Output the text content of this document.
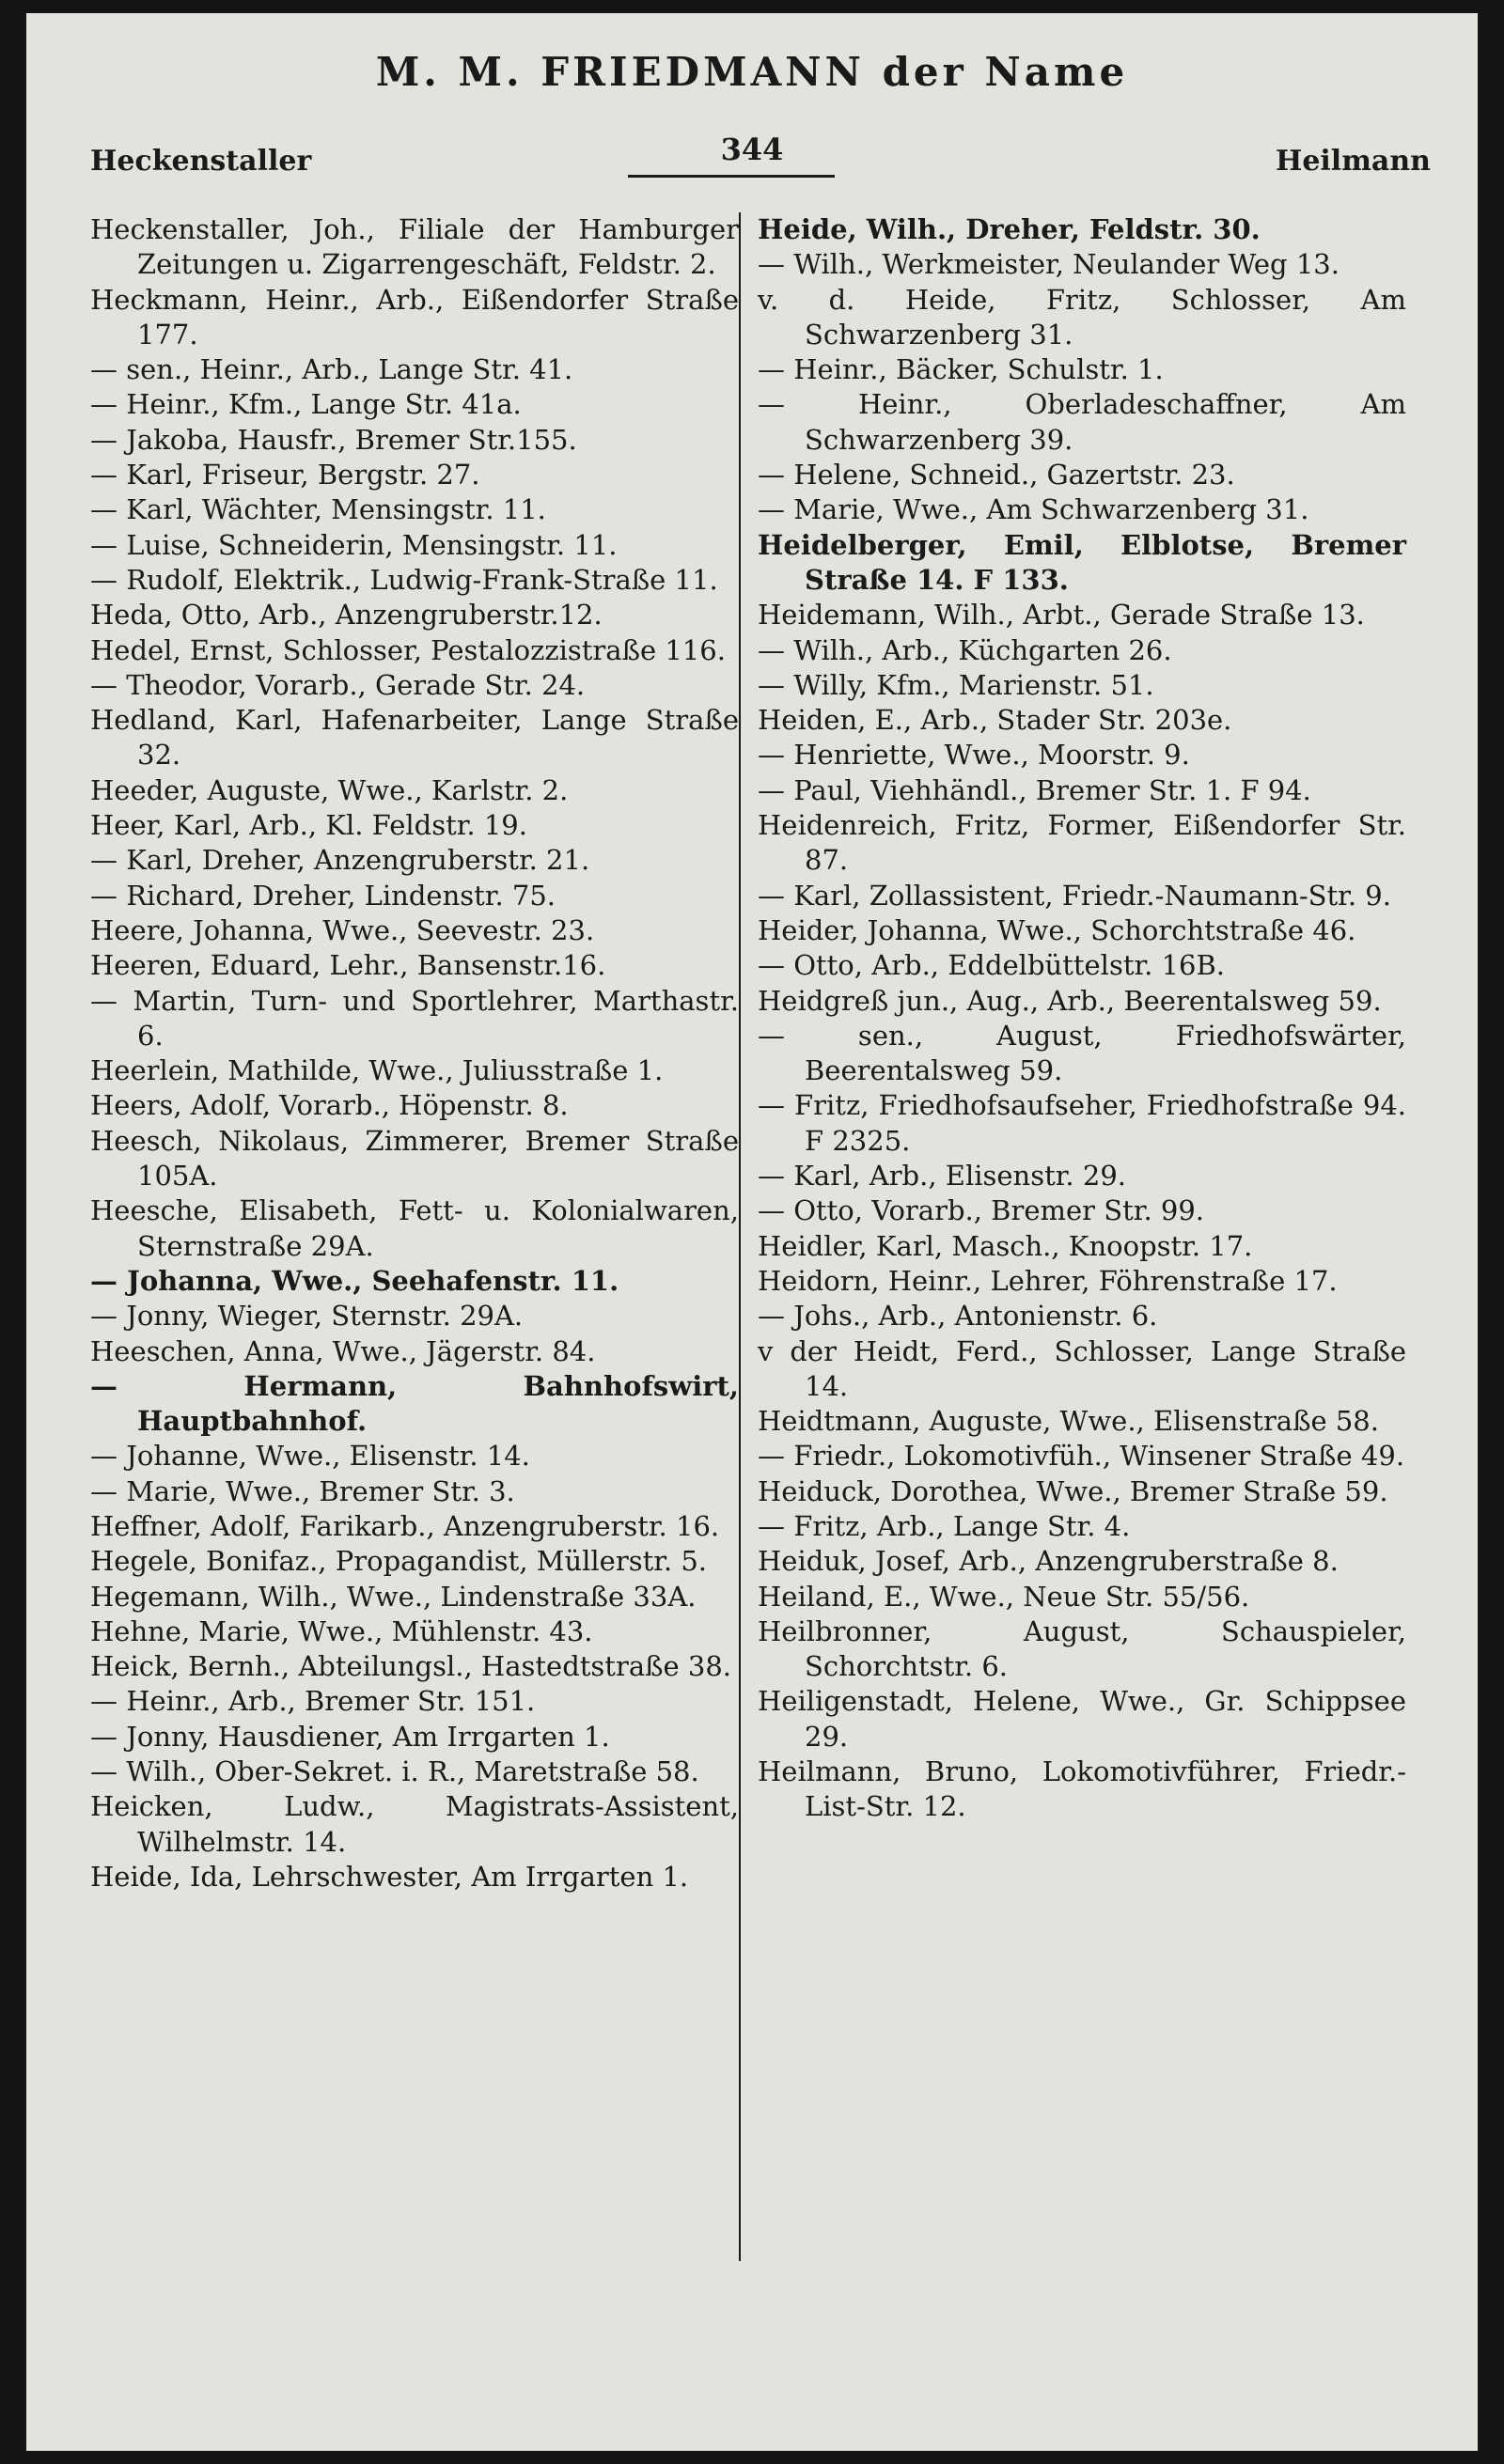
M. M. FRIEDMANN der Name
Heckenstaller	344	Heilmann

Heckenstaller, Joh., Filiale der Hamburger Zeitungen u. Zigarrengeschäft, Feldstr. 2.

Heckmann, Heinr., Arb., Eißendorfer Straße 177.

— sen., Heinr., Arb., Lange Str. 41.

— Heinr., Kfm., Lange Str. 41a.

— Jakoba, Hausfr., Bremer Str.155.

— Karl, Friseur, Bergstr. 27.

— Karl, Wächter, Mensingstr. 11.

— Luise, Schneiderin, Mensingstr. 11.

— Rudolf, Elektrik., Ludwig-Frank-Straße 11.

Heda, Otto, Arb., Anzengruberstr.12.

Hedel, Ernst, Schlosser, Pestalozzistraße 116.

— Theodor, Vorarb., Gerade Str. 24.

Hedland, Karl, Hafenarbeiter, Lange Straße 32.

Heeder, Auguste, Wwe., Karlstr. 2.

Heer, Karl, Arb., Kl. Feldstr. 19.

— Karl, Dreher, Anzengruberstr. 21.

— Richard, Dreher, Lindenstr. 75.

Heere, Johanna, Wwe., Seevestr. 23.

Heeren, Eduard, Lehr., Bansenstr.16.

— Martin, Turn- und Sportlehrer, Marthastr. 6.

Heerlein, Mathilde, Wwe., Juliusstraße 1.

Heers, Adolf, Vorarb., Höpenstr. 8.

Heesch, Nikolaus, Zimmerer, Bremer Straße 105A.

Heesche, Elisabeth, Fett- u. Kolonialwaren, Sternstraße 29A.

— Johanna, Wwe., Seehafenstr. 11.

— Jonny, Wieger, Sternstr. 29A.

Heeschen, Anna, Wwe., Jägerstr. 84.

— Hermann, Bahnhofswirt, Hauptbahnhof.

— Johanne, Wwe., Elisenstr. 14.

— Marie, Wwe., Bremer Str. 3.

Heffner, Adolf, Farikarb., Anzengruberstr. 16.

Hegele, Bonifaz., Propagandist, Müllerstr. 5.

Hegemann, Wilh., Wwe., Lindenstraße 33A.

Hehne, Marie, Wwe., Mühlenstr. 43.

Heick, Bernh., Abteilungsl., Hastedtstraße 38.

— Heinr., Arb., Bremer Str. 151.

— Jonny, Hausdiener, Am Irrgarten 1.

— Wilh., Ober-Sekret. i. R., Maretstraße 58.

Heicken, Ludw., Magistrats-Assistent, Wilhelmstr. 14.

Heide, Ida, Lehrschwester, Am Irrgarten 1.

Heide, Wilh., Dreher, Feldstr. 30.

— Wilh., Werkmeister, Neulander Weg 13.

v. d. Heide, Fritz, Schlosser, Am Schwarzenberg 31.

— Heinr., Bäcker, Schulstr. 1.

— Heinr., Oberladeschaffner, Am Schwarzenberg 39.

— Helene, Schneid., Gazertstr. 23.

— Marie, Wwe., Am Schwarzenberg 31.

Heidelberger, Emil, Elblotse, Bremer Straße 14. F 133.

Heidemann, Wilh., Arbt., Gerade Straße 13.

— Wilh., Arb., Küchgarten 26.

— Willy, Kfm., Marienstr. 51.

Heiden, E., Arb., Stader Str. 203e.

— Henriette, Wwe., Moorstr. 9.

— Paul, Viehhändl., Bremer Str. 1. F 94.

Heidenreich, Fritz, Former, Eißendorfer Str. 87.

— Karl, Zollassistent, Friedr.-Naumann-Str. 9.

Heider, Johanna, Wwe., Schorchtstraße 46.

— Otto, Arb., Eddelbüttelstr. 16B.

Heidgreß jun., Aug., Arb., Beerentalsweg 59.

— sen., August, Friedhofswärter, Beerentalsweg 59.

— Fritz, Friedhofsaufseher, Friedhofstraße 94. F 2325.

— Karl, Arb., Elisenstr. 29.

— Otto, Vorarb., Bremer Str. 99.

Heidler, Karl, Masch., Knoopstr. 17.

Heidorn, Heinr., Lehrer, Föhrenstraße 17.

— Johs., Arb., Antonienstr. 6.

v der Heidt, Ferd., Schlosser, Lange Straße 14.

Heidtmann, Auguste, Wwe., Elisenstraße 58.

— Friedr., Lokomotivfüh., Winsener Straße 49.

Heiduck, Dorothea, Wwe., Bremer Straße 59.

— Fritz, Arb., Lange Str. 4.

Heiduk, Josef, Arb., Anzengruberstraße 8.

Heiland, E., Wwe., Neue Str. 55/56.

Heilbronner, August, Schauspieler, Schorchtstr. 6.

Heiligenstadt, Helene, Wwe., Gr. Schippsee 29.

Heilmann, Bruno, Lokomotivführer, Friedr.-List-Str. 12.
